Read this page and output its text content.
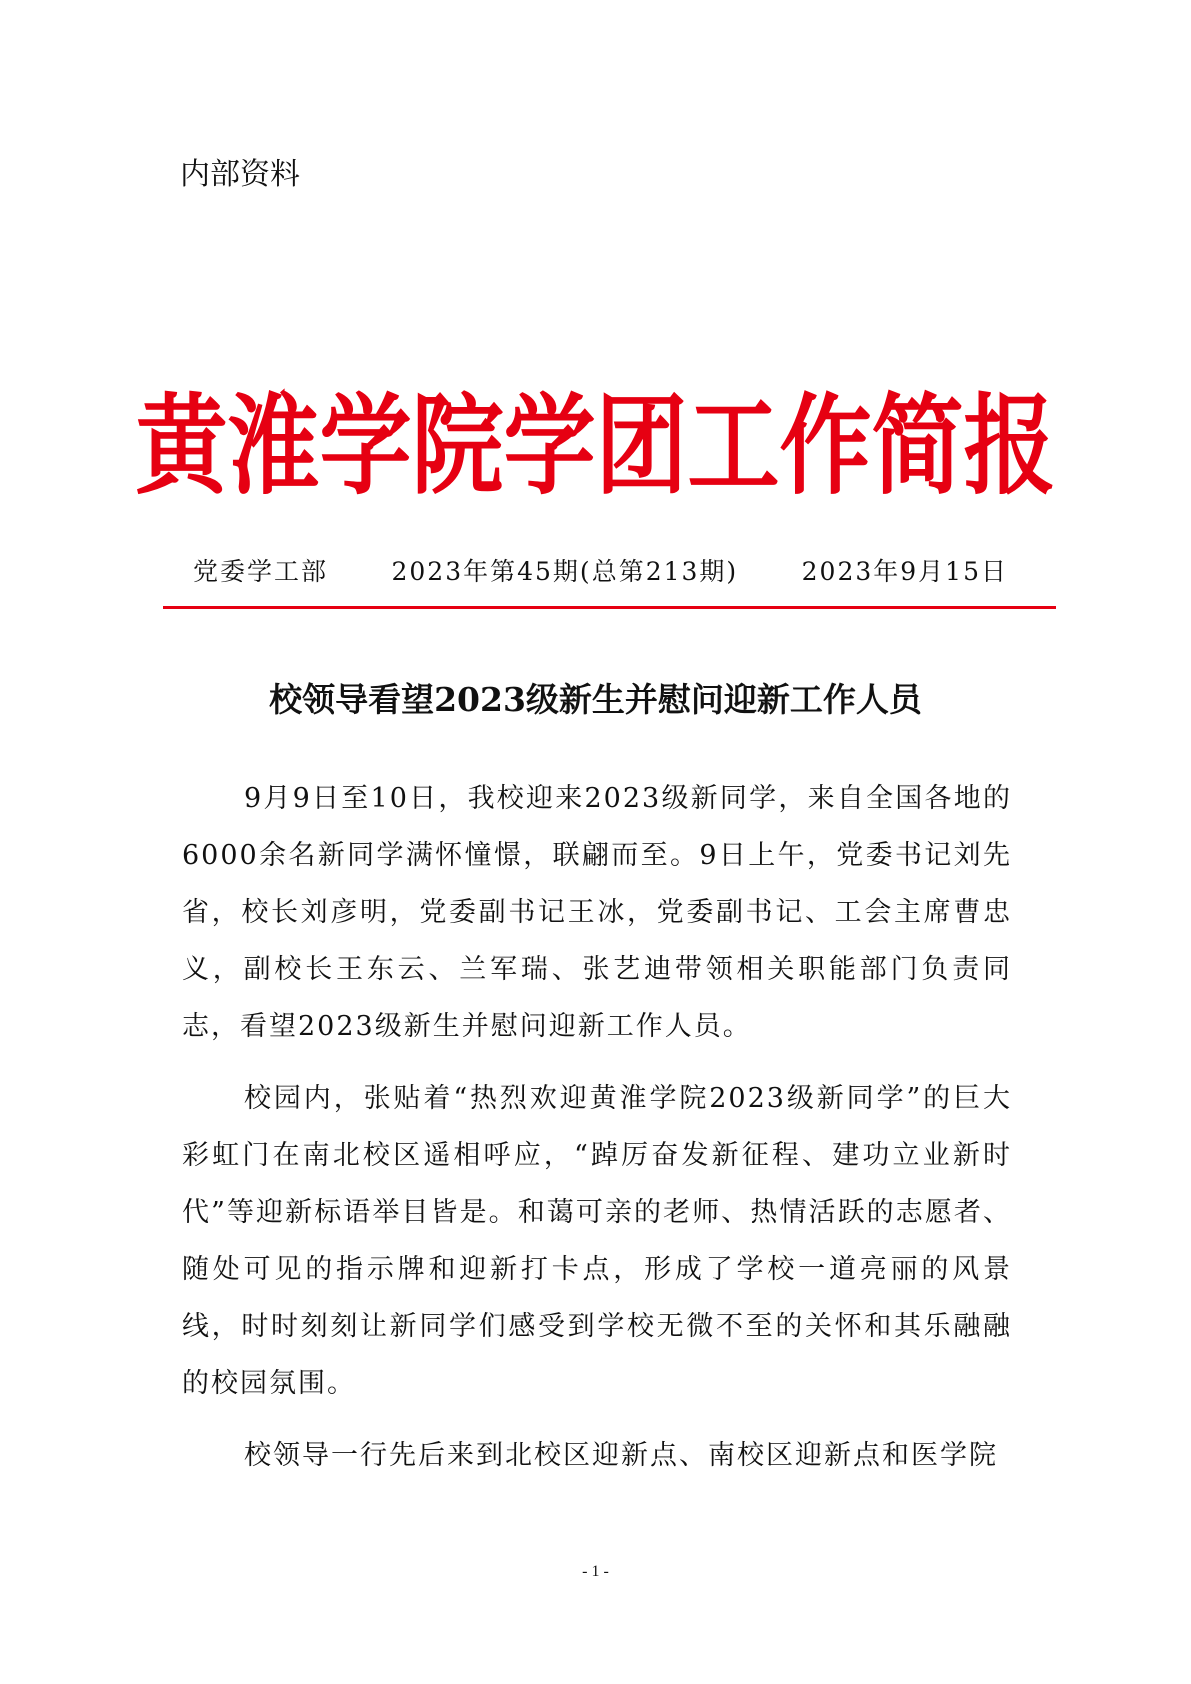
内部资料
黄淮学院学团工作简报
党委学工部	2023年第45期(总第213期)	2023年9月15日
校领导看望2023级新生并慰问迎新工作人员

9月9日至10日，我校迎来2023级新同学，来自全国各地的6000余名新同学满怀憧憬，联翩而至。9日上午，党委书记刘先省，校长刘彦明，党委副书记王冰，党委副书记、工会主席曹忠义，副校长王东云、兰军瑞、张艺迪带领相关职能部门负责同志，看望2023级新生并慰问迎新工作人员。

校园内，张贴着“热烈欢迎黄淮学院2023级新同学”的巨大彩虹门在南北校区遥相呼应，“踔厉奋发新征程、建功立业新时代”等迎新标语举目皆是。和蔼可亲的老师、热情活跃的志愿者、随处可见的指示牌和迎新打卡点，形成了学校一道亮丽的风景线，时时刻刻让新同学们感受到学校无微不至的关怀和其乐融融的校园氛围。

校领导一行先后来到北校区迎新点、南校区迎新点和医学院

- 1 -
